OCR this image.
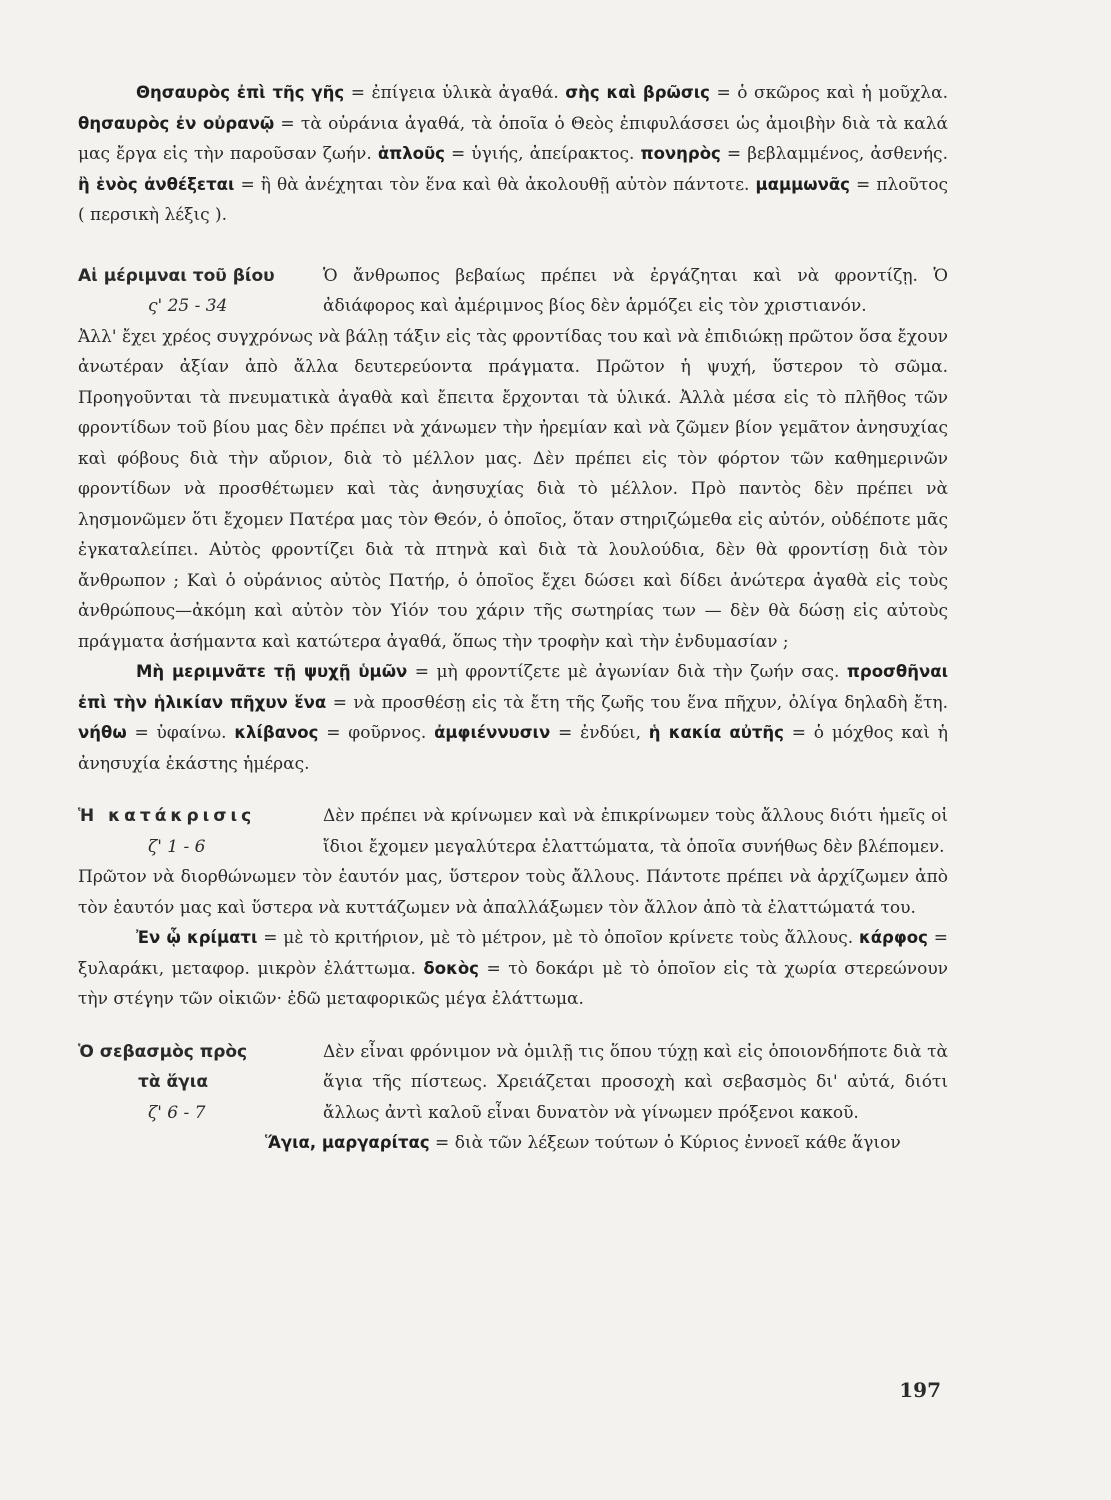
Θησαυρὸς ἐπὶ τῆς γῆς = ἐπίγεια ὑλικὰ ἀγαθά. σὴς καὶ βρῶσις = ὁ σκῶρος καὶ ἡ μοῦχλα. θησαυρὸς ἐν οὐρανῷ = τὰ οὐράνια ἀγαθά, τὰ ὁποῖα ὁ Θεὸς ἐπιφυλάσσει ὡς ἀμοιβὴν διὰ τὰ καλά μας ἔργα εἰς τὴν παροῦσαν ζωήν. ἁπλοῦς = ὑγιής, ἀπείρακτος. πονηρὸς = βεβλαμμένος, ἀσθενής. ἢ ἑνὸς ἀνθέξεται = ἢ θὰ ἀνέχηται τὸν ἕνα καὶ θὰ ἀκολουθῇ αὐτὸν πάντοτε. μαμμωνᾶς = πλοῦτος ( περσικὴ λέξις ).

Αἱ μέριμναι τοῦ βίου
ς' 25 - 34
Ὁ ἄνθρωπος βεβαίως πρέπει νὰ ἐργάζηται καὶ νὰ φροντίζῃ. Ὁ ἀδιάφορος καὶ ἀμέριμνος βίος δὲν ἁρμόζει εἰς τὸν χριστιανόν.

Ἀλλ' ἔχει χρέος συγχρόνως νὰ βάλῃ τάξιν εἰς τὰς φροντίδας του καὶ νὰ ἐπιδιώκῃ πρῶτον ὅσα ἔχουν ἀνωτέραν ἀξίαν ἀπὸ ἄλλα δευτερεύοντα πράγματα. Πρῶτον ἡ ψυχή, ὕστερον τὸ σῶμα. Προηγοῦνται τὰ πνευματικὰ ἀγαθὰ καὶ ἔπειτα ἔρχονται τὰ ὑλικά. Ἀλλὰ μέσα εἰς τὸ πλῆθος τῶν φροντίδων τοῦ βίου μας δὲν πρέπει νὰ χάνωμεν τὴν ἠρεμίαν καὶ νὰ ζῶμεν βίον γεμᾶτον ἀνησυχίας καὶ φόβους διὰ τὴν αὔριον, διὰ τὸ μέλλον μας. Δὲν πρέπει εἰς τὸν φόρτον τῶν καθημερινῶν φροντίδων νὰ προσθέτωμεν καὶ τὰς ἀνησυχίας διὰ τὸ μέλλον. Πρὸ παντὸς δὲν πρέπει νὰ λησμονῶμεν ὅτι ἔχομεν Πατέρα μας τὸν Θεόν, ὁ ὁποῖος, ὅταν στηριζώμεθα εἰς αὐτόν, οὐδέποτε μᾶς ἐγκαταλείπει. Αὐτὸς φροντίζει διὰ τὰ πτηνὰ καὶ διὰ τὰ λουλούδια, δὲν θὰ φροντίσῃ διὰ τὸν ἄνθρωπον ; Καὶ ὁ οὐράνιος αὐτὸς Πατήρ, ὁ ὁποῖος ἔχει δώσει καὶ δίδει ἀνώτερα ἀγαθὰ εἰς τοὺς ἀνθρώπους—ἀκόμη καὶ αὐτὸν τὸν Υἱόν του χάριν τῆς σωτηρίας των — δὲν θὰ δώσῃ εἰς αὐτοὺς πράγματα ἀσήμαντα καὶ κατώτερα ἀγαθά, ὅπως τὴν τροφὴν καὶ τὴν ἐνδυμασίαν ;

Μὴ μεριμνᾶτε τῇ ψυχῇ ὑμῶν = μὴ φροντίζετε μὲ ἀγωνίαν διὰ τὴν ζωήν σας. προσθῆναι ἐπὶ τὴν ἡλικίαν πῆχυν ἕνα = νὰ προσθέσῃ εἰς τὰ ἔτη τῆς ζωῆς του ἕνα πῆχυν, ὀλίγα δηλαδὴ ἔτη. νήθω = ὑφαίνω. κλίβανος = φοῦρνος. ἀμφιέννυσιν = ἐνδύει, ἡ κακία αὐτῆς = ὁ μόχθος καὶ ἡ ἀνησυχία ἑκάστης ἡμέρας.

Ἡ κατάκρισις
ζ' 1 - 6
Δὲν πρέπει νὰ κρίνωμεν καὶ νὰ ἐπικρίνωμεν τοὺς ἄλλους διότι ἡμεῖς οἱ ἴδιοι ἔχομεν μεγαλύτερα ἐλαττώματα, τὰ ὁποῖα συνήθως δὲν βλέπομεν.

Πρῶτον νὰ διορθώνωμεν τὸν ἑαυτόν μας, ὕστερον τοὺς ἄλλους. Πάντοτε πρέπει νὰ ἀρχίζωμεν ἀπὸ τὸν ἑαυτόν μας καὶ ὕστερα νὰ κυττάζωμεν νὰ ἀπαλλάξωμεν τὸν ἄλλον ἀπὸ τὰ ἐλαττώματά του.

Ἐν ᾧ κρίματι = μὲ τὸ κριτήριον, μὲ τὸ μέτρον, μὲ τὸ ὁποῖον κρίνετε τοὺς ἄλλους. κάρφος = ξυλαράκι, μεταφορ. μικρὸν ἐλάττωμα. δοκὸς = τὸ δοκάρι μὲ τὸ ὁποῖον εἰς τὰ χωρία στερεώνουν τὴν στέγην τῶν οἰκιῶν· ἐδῶ μεταφορικῶς μέγα ἐλάττωμα.

Ὁ σεβασμὸς πρὸς
τὰ ἅγια
ζ' 6 - 7
Δὲν εἶναι φρόνιμον νὰ ὁμιλῇ τις ὅπου τύχῃ καὶ εἰς ὁποιονδήποτε διὰ τὰ ἅγια τῆς πίστεως. Χρειάζεται προσοχὴ καὶ σεβασμὸς δι' αὐτά, διότι ἄλλως ἀντὶ καλοῦ εἶναι δυνατὸν νὰ γίνωμεν πρόξενοι κακοῦ.

Ἅγια, μαργαρίτας = διὰ τῶν λέξεων τούτων ὁ Κύριος ἐννοεῖ κάθε ἅγιον

197
